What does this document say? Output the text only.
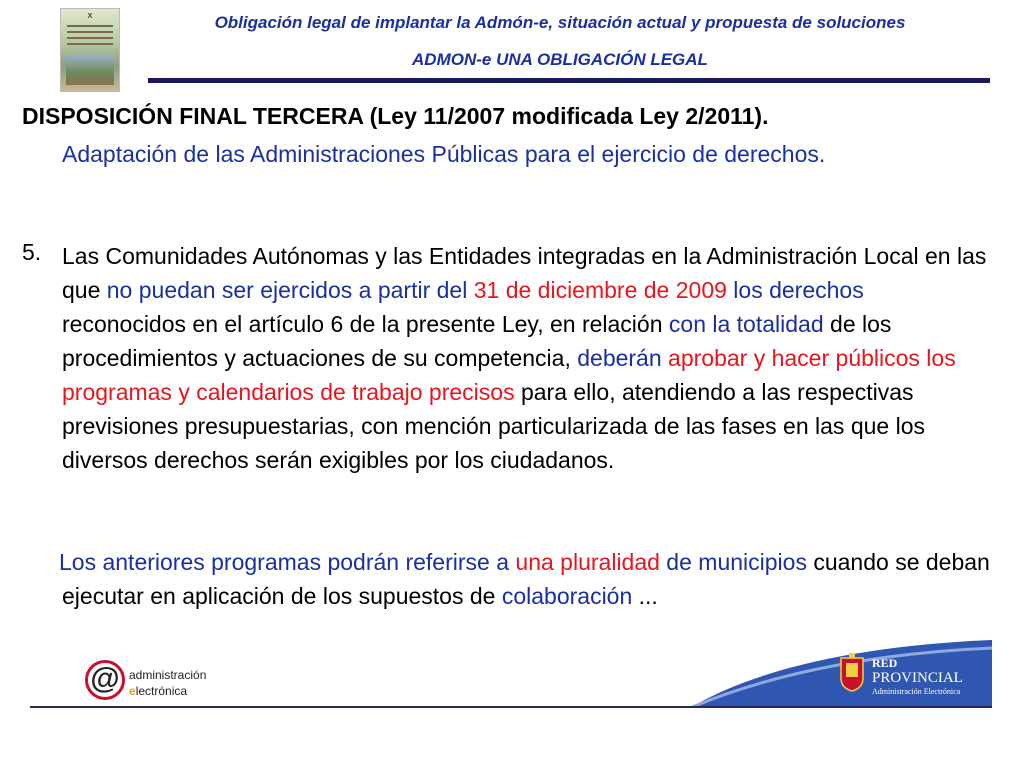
X	Obligación legal de implantar la Admón-e, situación actual y propuesta de soluciones
ADMON-e UNA OBLIGACIÓN LEGAL
DISPOSICIÓN FINAL TERCERA (Ley 11/2007 modificada Ley 2/2011).
Adaptación de las Administraciones Públicas para el ejercicio de derechos.
5. Las Comunidades Autónomas y las Entidades integradas en la Administración Local en las que no puedan ser ejercidos a partir del 31 de diciembre de 2009 los derechos reconocidos en el artículo 6 de la presente Ley, en relación con la totalidad de los procedimientos y actuaciones de su competencia, deberán aprobar y hacer públicos los programas y calendarios de trabajo precisos para ello, atendiendo a las respectivas previsiones presupuestarias, con mención particularizada de las fases en las que los diversos derechos serán exigibles por los ciudadanos.
Los anteriores programas podrán referirse a una pluralidad de municipios cuando se deban ejecutar en aplicación de los supuestos de colaboración ...
@ administración
electrónica
RED
PROVINCIAL
Administración Electrónica
